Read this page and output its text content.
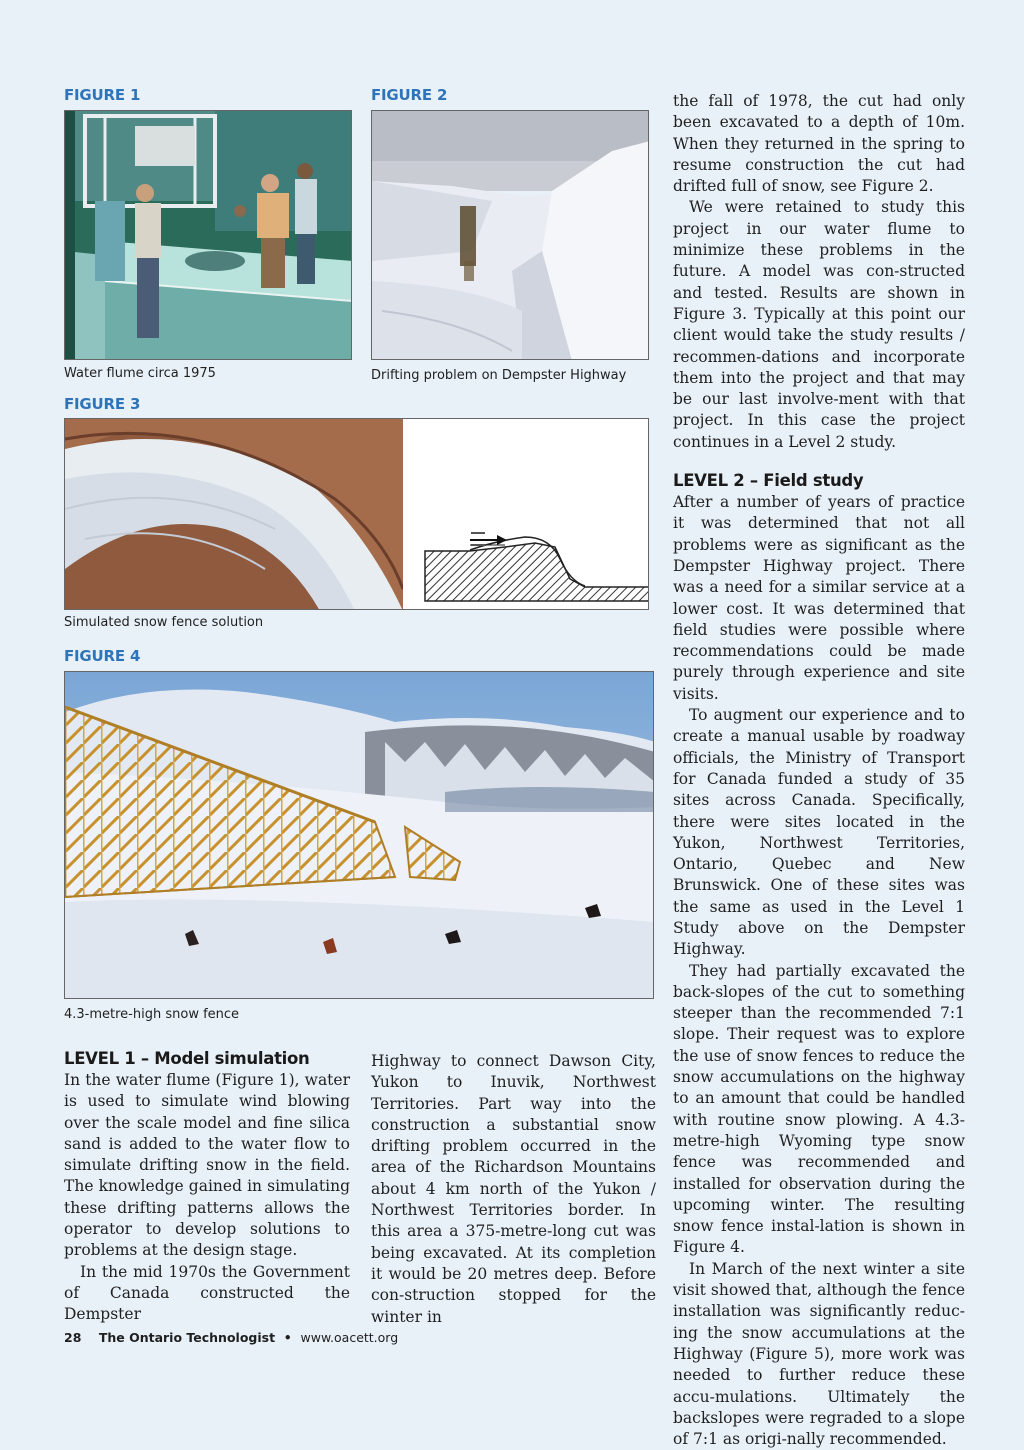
FIGURE 1
Water flume circa 1975
FIGURE 2
Drifting problem on Dempster Highway
FIGURE 3
Simulated snow fence solution
FIGURE 4
4.3-metre-high snow fence
LEVEL 1 – Model simulation

In the water flume (Figure 1), water is used to simulate wind blowing over the scale model and fine silica sand is added to the water flow to simulate drifting snow in the field. The knowledge gained in simulating these drifting patterns allows the operator to develop solutions to problems at the design stage.

In the mid 1970s the Government of Canada constructed the Dempster

Highway to connect Dawson City, Yukon to Inuvik, Northwest Territories. Part way into the construction a substantial snow drifting problem occurred in the area of the Richardson Mountains about 4 km north of the Yukon / Northwest Territories border. In this area a 375-metre-long cut was being excavated. At its completion it would be 20 metres deep. Before con-struction stopped for the winter in

the fall of 1978, the cut had only been excavated to a depth of 10m. When they returned in the spring to resume construction the cut had drifted full of snow, see Figure 2.

We were retained to study this project in our water flume to minimize these problems in the future. A model was con-structed and tested. Results are shown in Figure 3. Typically at this point our client would take the study results / recommen-dations and incorporate them into the project and that may be our last involve-ment with that project. In this case the project continues in a Level 2 study.

LEVEL 2 – Field study

After a number of years of practice it was determined that not all problems were as significant as the Dempster Highway project. There was a need for a similar service at a lower cost. It was determined that field studies were possible where recommendations could be made purely through experience and site visits.

To augment our experience and to create a manual usable by roadway officials, the Ministry of Transport for Canada funded a study of 35 sites across Canada. Specifically, there were sites located in the Yukon, Northwest Territories, Ontario, Quebec and New Brunswick. One of these sites was the same as used in the Level 1 Study above on the Dempster Highway.

They had partially excavated the back-slopes of the cut to something steeper than the recommended 7:1 slope. Their request was to explore the use of snow fences to reduce the snow accumulations on the highway to an amount that could be handled with routine snow plowing. A 4.3-metre-high Wyoming type snow fence was recommended and installed for observation during the upcoming winter. The resulting snow fence instal-lation is shown in Figure 4.

In March of the next winter a site visit showed that, although the fence installation was significantly reduc-ing the snow accumulations at the Highway (Figure 5), more work was needed to further reduce these accu-mulations. Ultimately the backslopes were regraded to a slope of 7:1 as origi-nally recommended.

28 The Ontario Technologist • www.oacett.org
